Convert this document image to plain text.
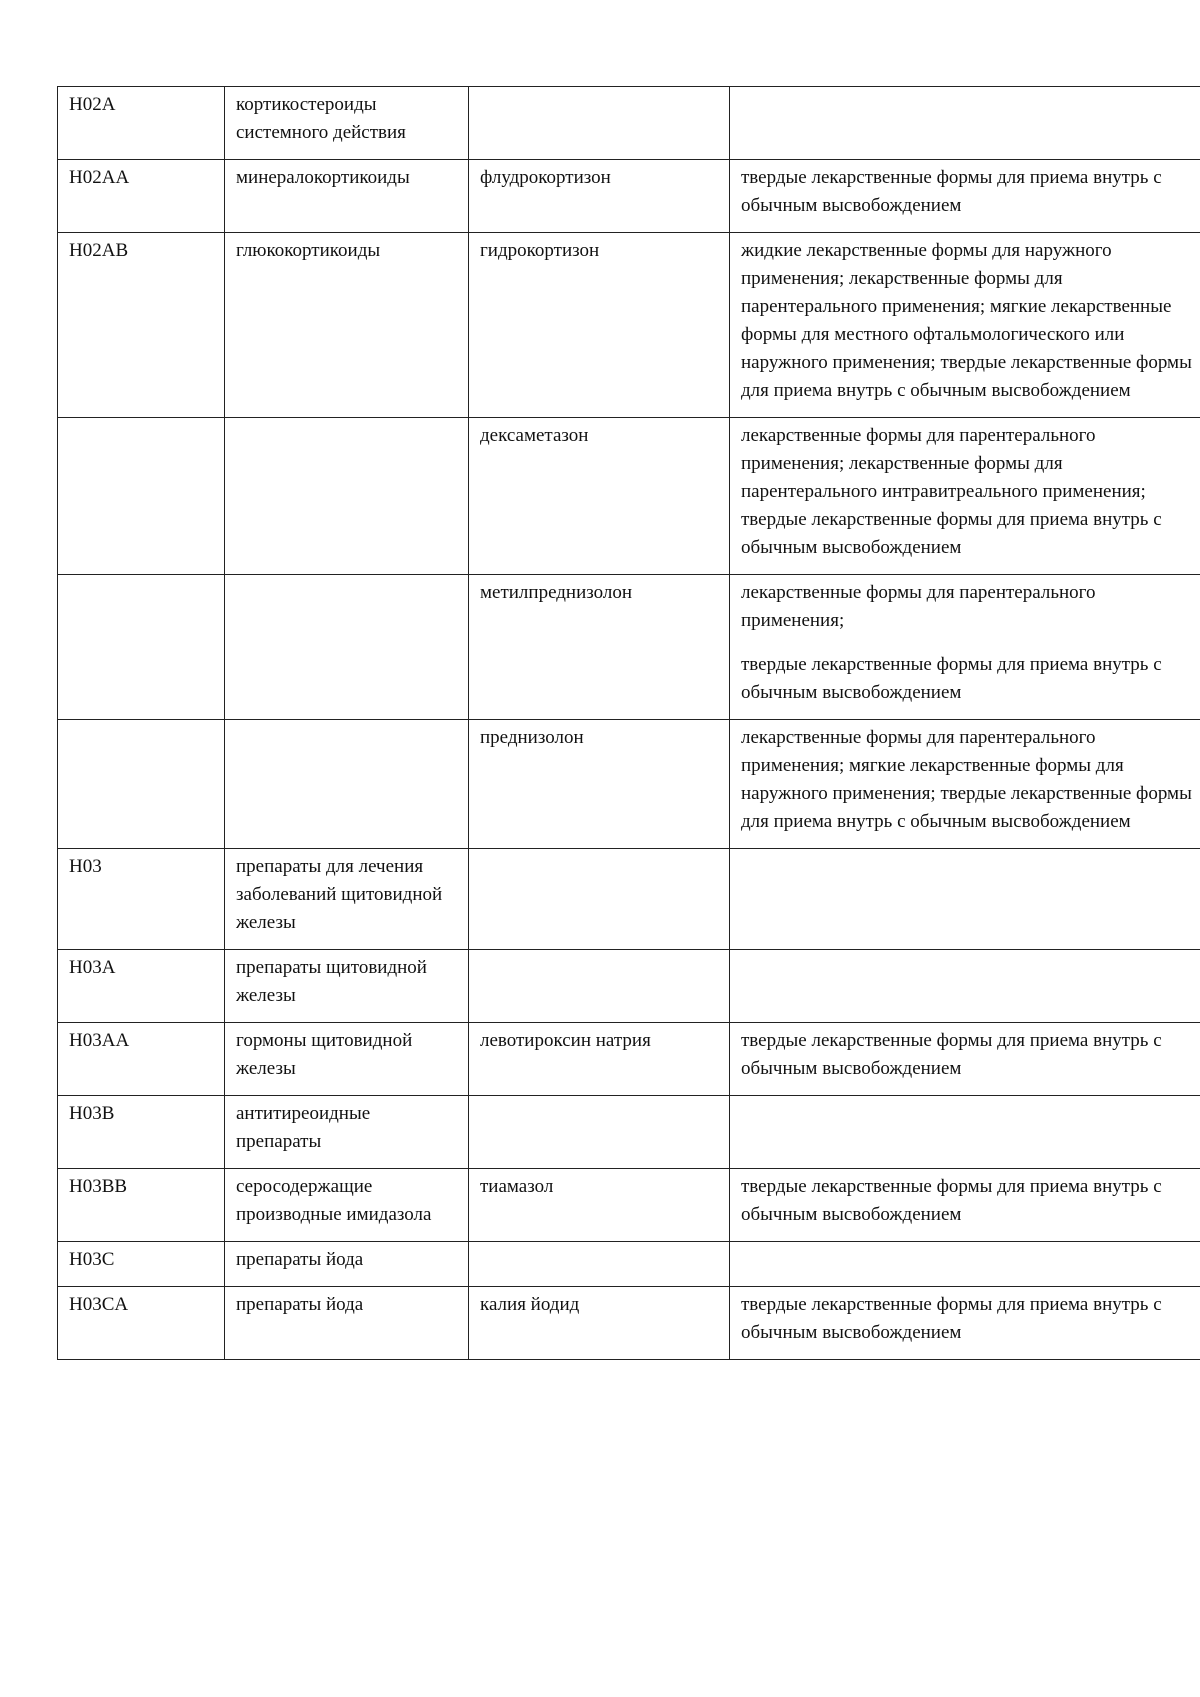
H02A	кортикостероиды системного действия		
H02AA	минералокортикоиды	флудрокортизон	твердые лекарственные формы для приема внутрь с обычным высвобождением

H02AB	глюкокортикоиды	гидрокортизон	жидкие лекарственные формы для наружного применения; лекарственные формы для парентерального применения; мягкие лекарственные формы для местного офтальмологического или наружного применения; твердые лекарственные формы для приема внутрь с обычным высвобождением

		дексаметазон	лекарственные формы для парентерального применения; лекарственные формы для парентерального интравитреального применения; твердые лекарственные формы для приема внутрь с обычным высвобождением

		метилпреднизолон	лекарственные формы для парентерального применения;
твердые лекарственные формы для приема внутрь с обычным высвобождением

		преднизолон	лекарственные формы для парентерального применения; мягкие лекарственные формы для наружного применения; твердые лекарственные формы для приема внутрь с обычным высвобождением

H03	препараты для лечения заболеваний щитовидной железы		
H03A	препараты щитовидной железы		
H03AA	гормоны щитовидной железы	левотироксин натрия	твердые лекарственные формы для приема внутрь с обычным высвобождением

H03B	антитиреоидные препараты		
H03BB	серосодержащие производные имидазола	тиамазол	твердые лекарственные формы для приема внутрь с обычным высвобождением

H03C	препараты йода		
H03CA	препараты йода	калия йодид	твердые лекарственные формы для приема внутрь с обычным высвобождением
